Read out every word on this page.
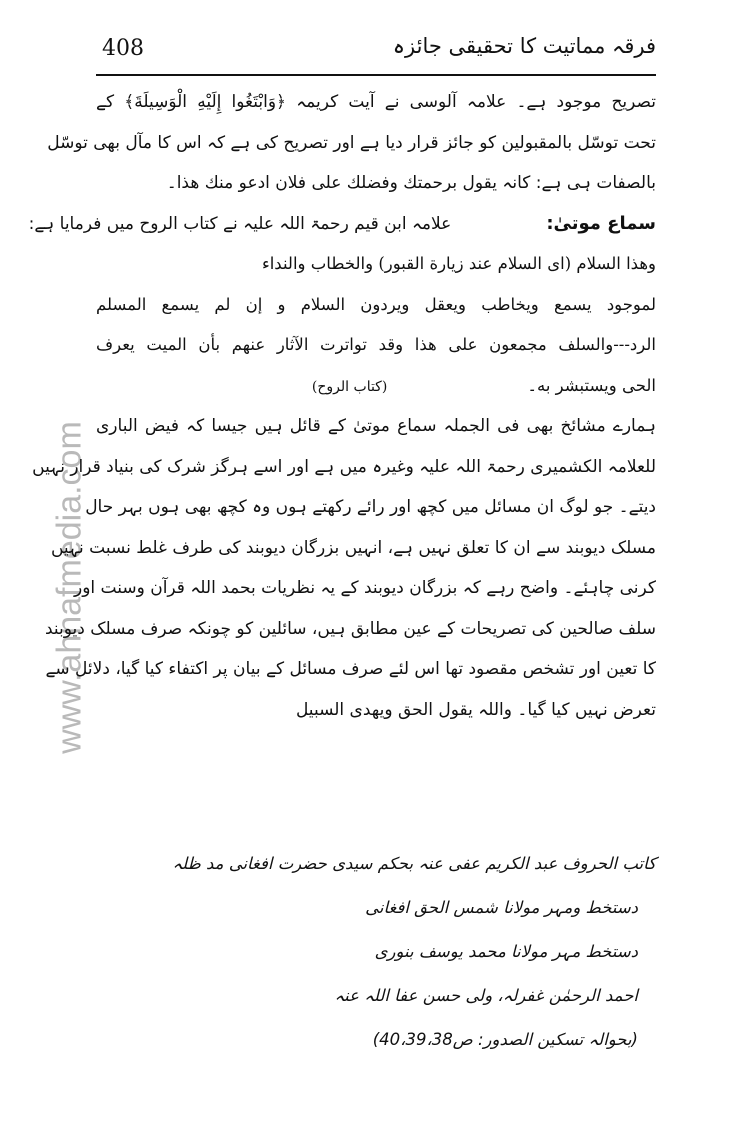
408	فرقہ مماتیت کا تحقیقی جائزہ
www.ahnafmedia.com
تصریح موجود ہے۔ علامہ آلوسی نے آیت کریمہ ﴿وَابْتَغُوا إِلَيْهِ الْوَسِيلَةَ﴾ کے
تحت توسّل بالمقبولین کو جائز قرار دیا ہے اور تصریح کی ہے کہ اس کا مآل بھی توسّل
بالصفات ہی ہے: کانہ یقول برحمتك وفضلك على فلان ادعو منك هذا۔
سماع موتیٰ:علامہ ابن قیم رحمۃ اللہ علیہ نے کتاب الروح میں فرمایا ہے:
وهذا السلام (اى السلام عند زيارة القبور) والخطاب والنداء
لموجود يسمع ويخاطب ويعقل ويردون السلام و إن لم يسمع المسلم
الرد---والسلف مجمعون على هذا وقد تواترت الآثار عنهم بأن الميت يعرف
الحى ويستبشر به۔(کتاب الروح)
ہمارے مشائخ بھی فی الجملہ سماع موتیٰ کے قائل ہیں جیسا کہ فیض الباری
للعلامہ الکشمیری رحمۃ اللہ علیہ وغیرہ میں ہے اور اسے ہرگز شرک کی بنیاد قرار نہیں
دیتے۔ جو لوگ ان مسائل میں کچھ اور رائے رکھتے ہوں وہ کچھ بھی ہوں بہر حال
مسلک دیوبند سے ان کا تعلق نہیں ہے، انہیں بزرگان دیوبند کی طرف غلط نسبت نہیں
کرنی چاہئے۔ واضح رہے کہ بزرگان دیوبند کے یہ نظریات بحمد اللہ قرآن وسنت اور
سلف صالحین کی تصریحات کے عین مطابق ہیں، سائلین کو چونکہ صرف مسلک دیوبند
کا تعین اور تشخص مقصود تھا اس لئے صرف مسائل کے بیان پر اکتفاء کیا گیا، دلائل سے
تعرض نہیں کیا گیا۔ واللہ یقول الحق ویھدی السبیل
کاتب الحروف عبد الکریم عفی عنہ بحکم سیدی حضرت افغانی مد ظلہ
دستخط ومہر مولانا شمس الحق افغانی
دستخط مہر مولانا محمد یوسف بنوری
احمد الرحمٰن غفرلہ، ولی حسن عفا اللہ عنہ
(بحوالہ تسکین الصدور: ص40،39،38)
